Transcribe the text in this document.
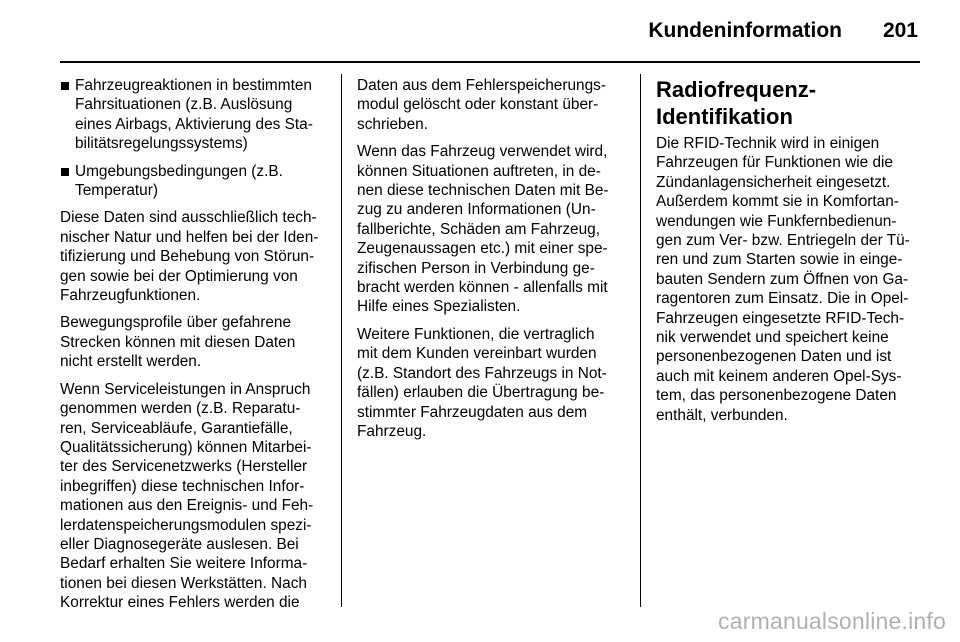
Kundeninformation 201
Fahrzeugreaktionen in bestimmten
Fahrsituationen (z.B. Auslösung
eines Airbags, Aktivierung des Sta-
bilitätsregelungssystems)
Umgebungsbedingungen (z.B.
Temperatur)
Diese Daten sind ausschließlich tech-
nischer Natur und helfen bei der Iden-
tifizierung und Behebung von Störun-
gen sowie bei der Optimierung von
Fahrzeugfunktionen.
Bewegungsprofile über gefahrene
Strecken können mit diesen Daten
nicht erstellt werden.
Wenn Serviceleistungen in Anspruch
genommen werden (z.B. Reparatu-
ren, Serviceabläufe, Garantiefälle,
Qualitätssicherung) können Mitarbei-
ter des Servicenetzwerks (Hersteller
inbegriffen) diese technischen Infor-
mationen aus den Ereignis- und Feh-
lerdatenspeicherungsmodulen spezi-
eller Diagnosegeräte auslesen. Bei
Bedarf erhalten Sie weitere Informa-
tionen bei diesen Werkstätten. Nach
Korrektur eines Fehlers werden die
Daten aus dem Fehlerspeicherungs-
modul gelöscht oder konstant über-
schrieben.
Wenn das Fahrzeug verwendet wird,
können Situationen auftreten, in de-
nen diese technischen Daten mit Be-
zug zu anderen Informationen (Un-
fallberichte, Schäden am Fahrzeug,
Zeugenaussagen etc.) mit einer spe-
zifischen Person in Verbindung ge-
bracht werden können - allenfalls mit
Hilfe eines Spezialisten.
Weitere Funktionen, die vertraglich
mit dem Kunden vereinbart wurden
(z.B. Standort des Fahrzeugs in Not-
fällen) erlauben die Übertragung be-
stimmter Fahrzeugdaten aus dem
Fahrzeug.
Radiofrequenz-
Identifikation
Die RFID-Technik wird in einigen
Fahrzeugen für Funktionen wie die
Zündanlagensicherheit eingesetzt.
Außerdem kommt sie in Komfortan-
wendungen wie Funkfernbedienun-
gen zum Ver- bzw. Entriegeln der Tü-
ren und zum Starten sowie in einge-
bauten Sendern zum Öffnen von Ga-
ragentoren zum Einsatz. Die in Opel-
Fahrzeugen eingesetzte RFID-Tech-
nik verwendet und speichert keine
personenbezogenen Daten und ist
auch mit keinem anderen Opel-Sys-
tem, das personenbezogene Daten
enthält, verbunden.
carmanualsonline.info
